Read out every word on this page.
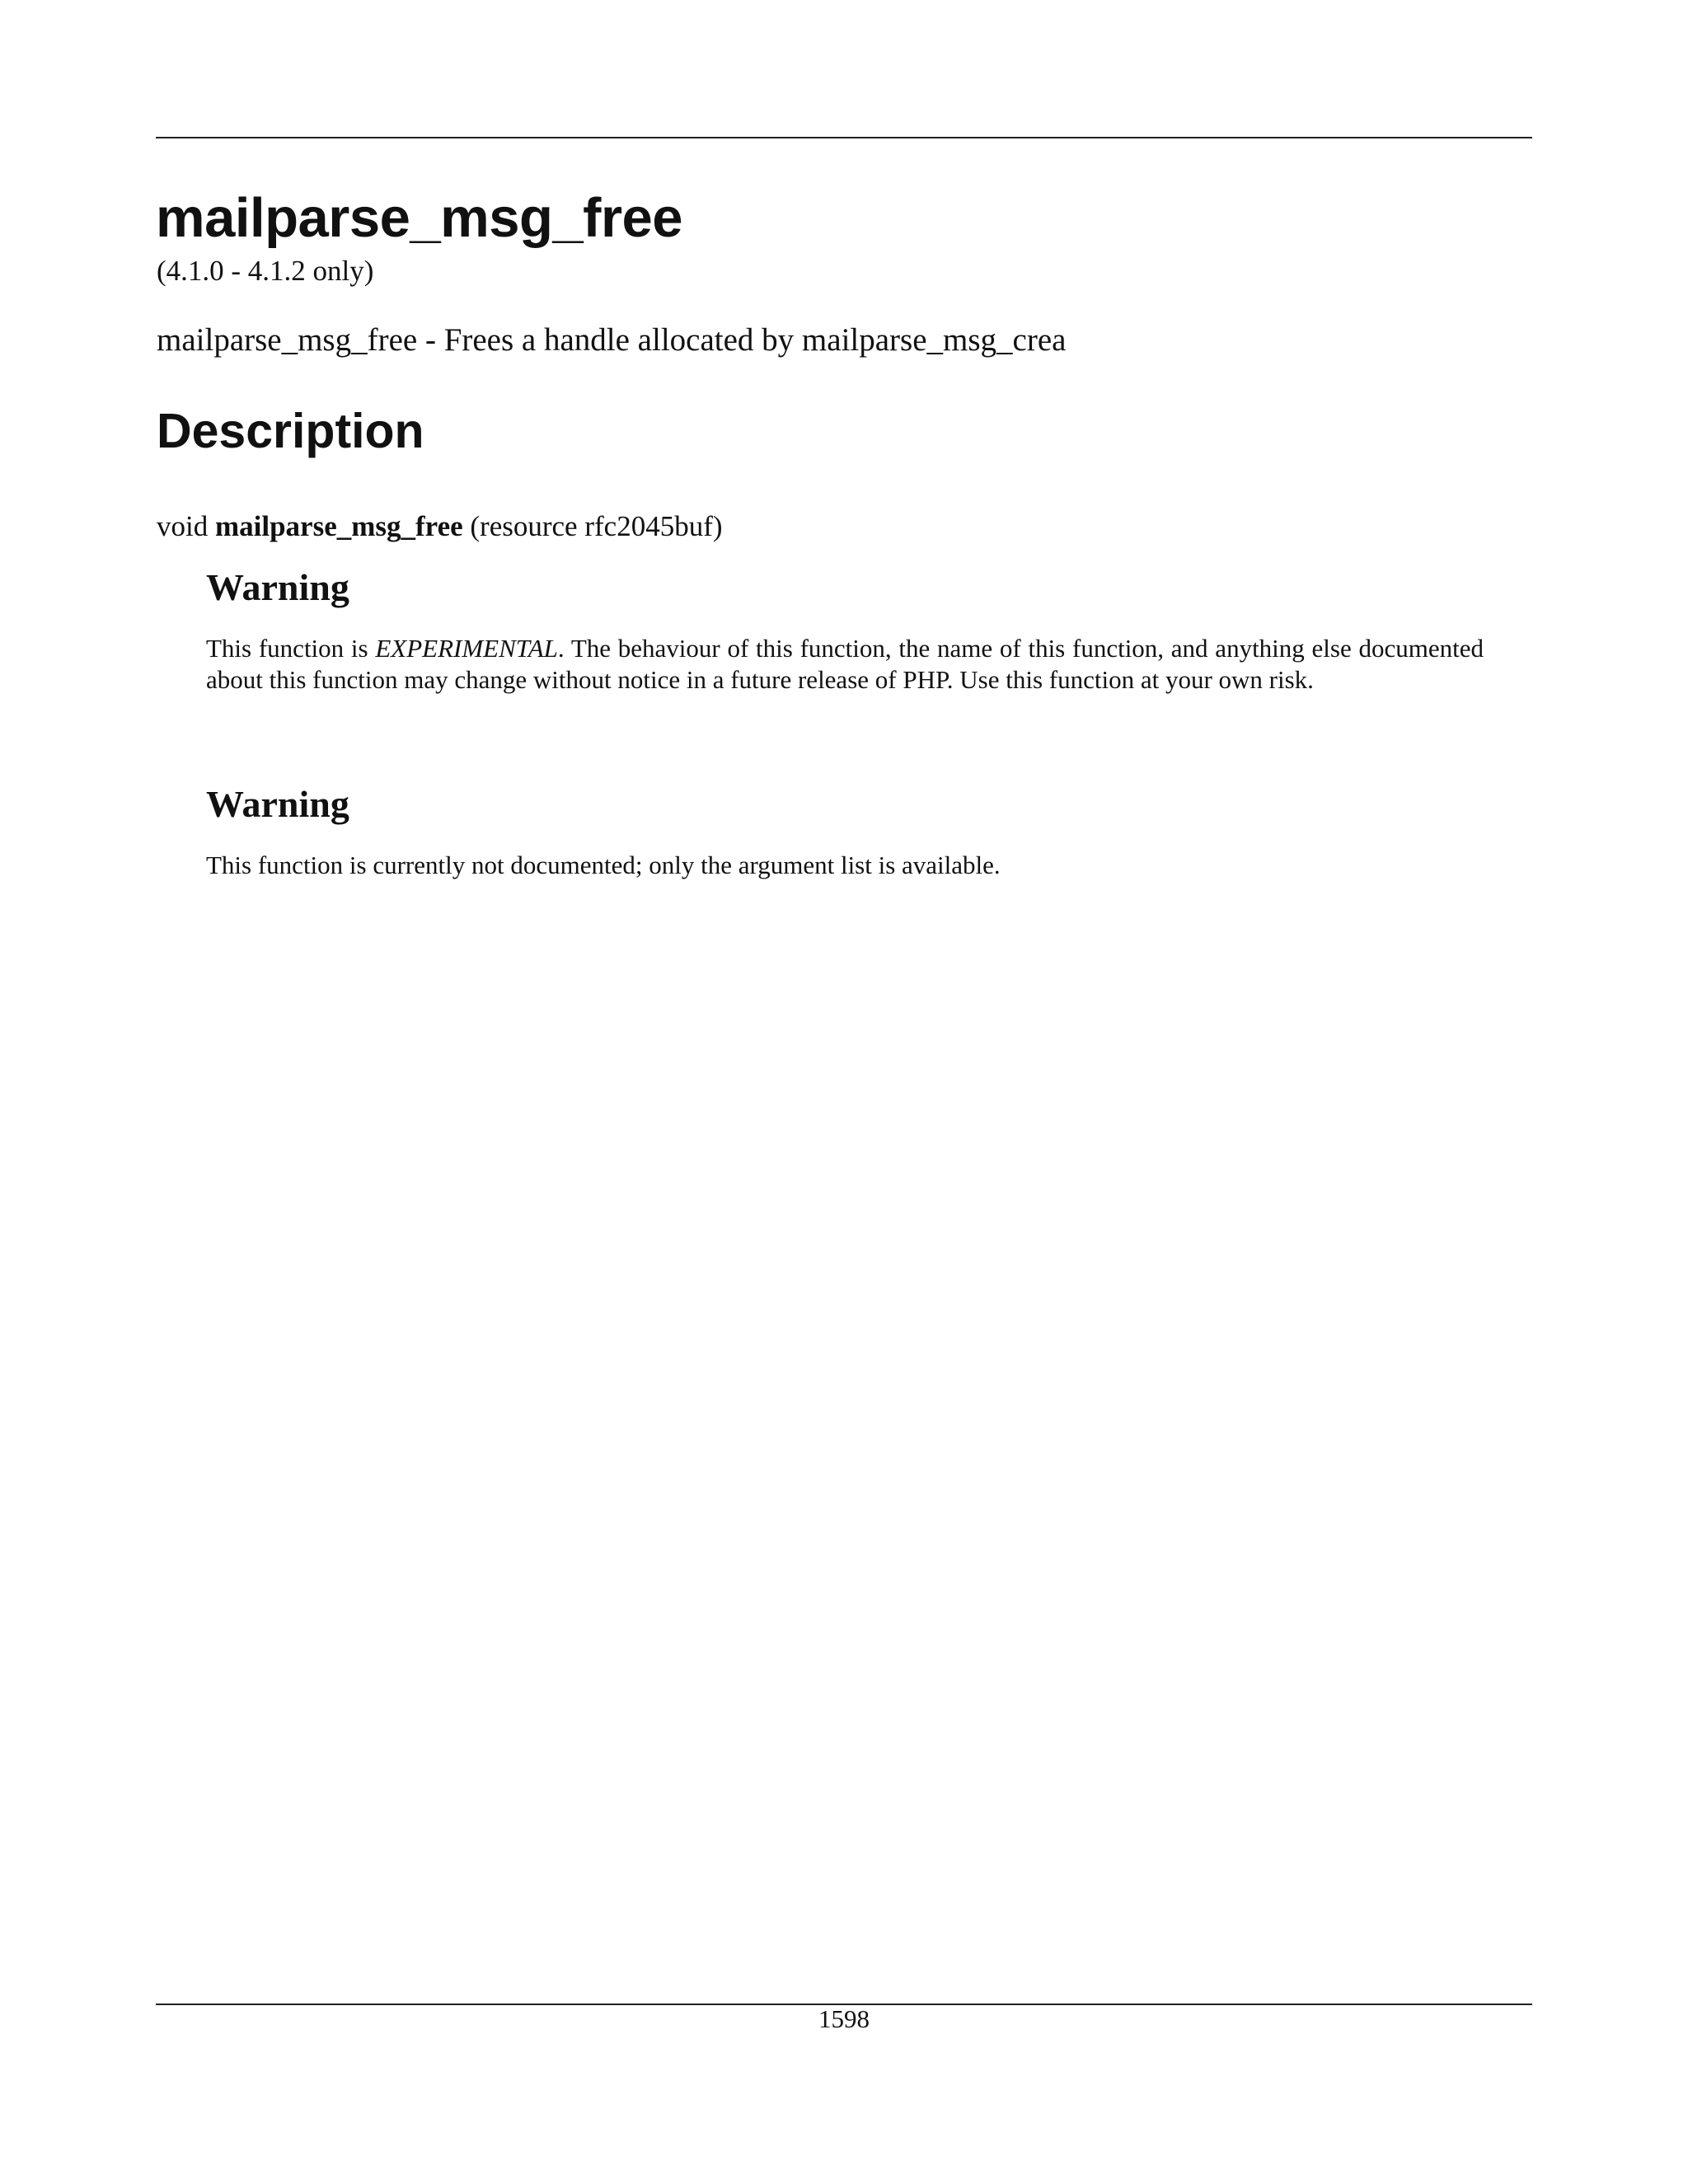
mailparse_msg_free
(4.1.0 - 4.1.2 only)
mailparse_msg_free - Frees a handle allocated by mailparse_msg_crea
Description
void mailparse_msg_free (resource rfc2045buf)
Warning

This function is EXPERIMENTAL. The behaviour of this function, the name of this function, and anything else documented about this function may change without notice in a future release of PHP. Use this function at your own risk.

Warning

This function is currently not documented; only the argument list is available.

1598
